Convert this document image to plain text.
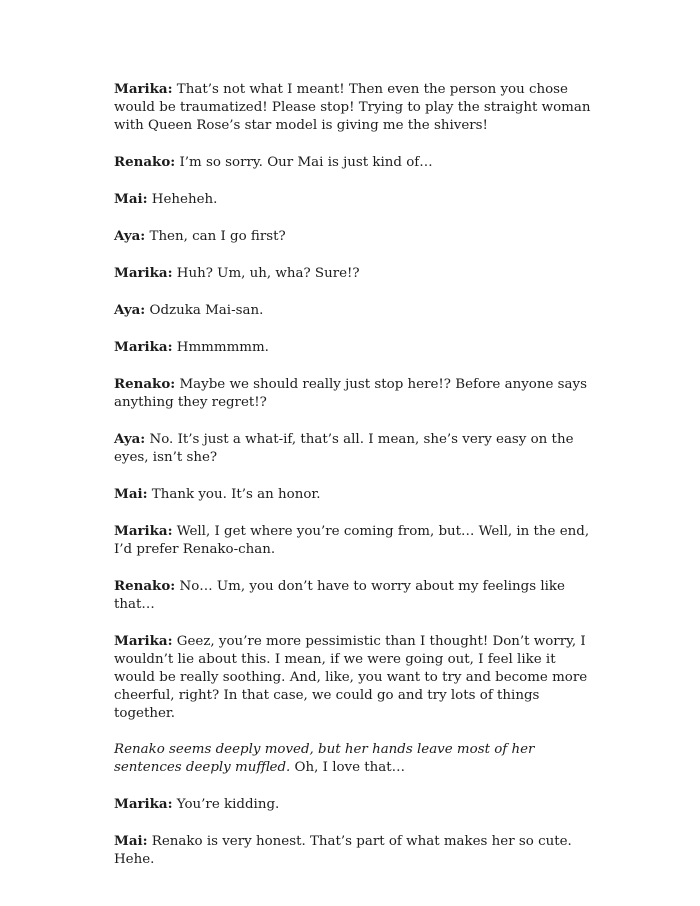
Marika: That’s not what I meant! Then even the person you chose would be traumatized! Please stop! Trying to play the straight woman with Queen Rose’s star model is giving me the shivers!

Renako: I’m so sorry. Our Mai is just kind of…

Mai: Heheheh.

Aya: Then, can I go first?

Marika: Huh? Um, uh, wha? Sure!?

Aya: Odzuka Mai-san.

Marika: Hmmmmmm.

Renako: Maybe we should really just stop here!? Before anyone says anything they regret!?

Aya: No. It’s just a what-if, that’s all. I mean, she’s very easy on the eyes, isn’t she?

Mai: Thank you. It’s an honor.

Marika: Well, I get where you’re coming from, but… Well, in the end, I’d prefer Renako-chan.

Renako: No… Um, you don’t have to worry about my feelings like that…

Marika: Geez, you’re more pessimistic than I thought! Don’t worry, I wouldn’t lie about this. I mean, if we were going out, I feel like it would be really soothing. And, like, you want to try and become more cheerful, right? In that case, we could go and try lots of things together.

Renako seems deeply moved, but her hands leave most of her sentences deeply muffled. Oh, I love that…

Marika: You’re kidding.

Mai: Renako is very honest. That’s part of what makes her so cute. Hehe.
